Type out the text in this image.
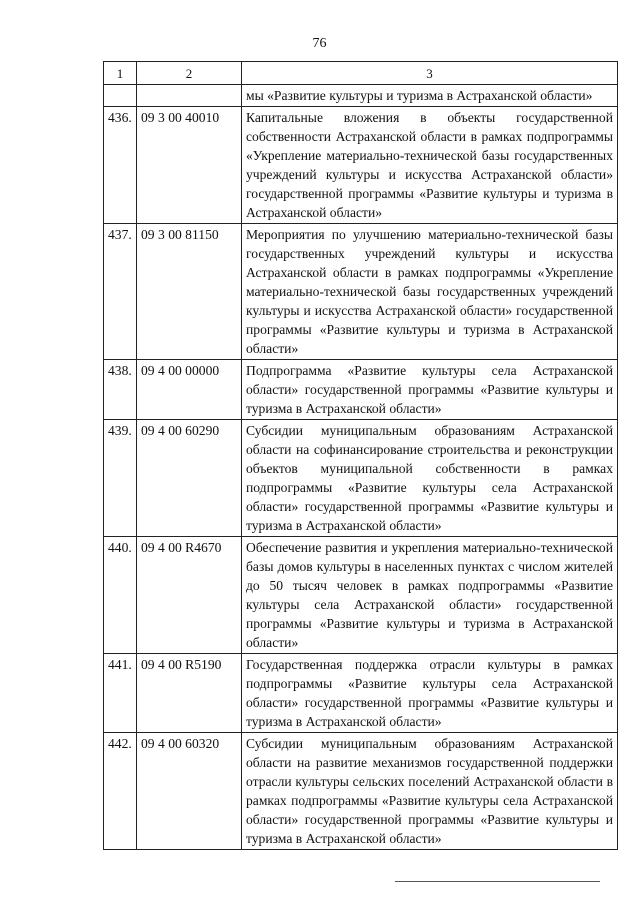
76
1	2	3
		мы «Развитие культуры и туризма в Астраханской области»
436.	09 3 00 40010	Капитальные вложения в объекты государственной собственности Астраханской области в рамках подпрограммы «Укрепление материально-технической базы государственных учреждений культуры и искусства Астраханской области» государственной программы «Развитие культуры и туризма в Астраханской области»
437.	09 3 00 81150	Мероприятия по улучшению материально-технической базы государственных учреждений культуры и искусства Астраханской области в рамках подпрограммы «Укрепление материально-технической базы государственных учреждений культуры и искусства Астраханской области» государственной программы «Развитие культуры и туризма в Астраханской области»
438.	09 4 00 00000	Подпрограмма «Развитие культуры села Астраханской области» государственной программы «Развитие культуры и туризма в Астраханской области»
439.	09 4 00 60290	Субсидии муниципальным образованиям Астраханской области на софинансирование строительства и реконструкции объектов муниципальной собственности в рамках подпрограммы «Развитие культуры села Астраханской области» государственной программы «Развитие культуры и туризма в Астраханской области»
440.	09 4 00 R4670	Обеспечение развития и укрепления материально-технической базы домов культуры в населенных пунктах с числом жителей до 50 тысяч человек в рамках подпрограммы «Развитие культуры села Астраханской области» государственной программы «Развитие культуры и туризма в Астраханской области»
441.	09 4 00 R5190	Государственная поддержка отрасли культуры в рамках подпрограммы «Развитие культуры села Астраханской области» государственной программы «Развитие культуры и туризма в Астраханской области»
442.	09 4 00 60320	Субсидии муниципальным образованиям Астраханской области на развитие механизмов государственной поддержки отрасли культуры сельских поселений Астраханской области в рамках подпрограммы «Развитие культуры села Астраханской области» государственной программы «Развитие культуры и туризма в Астраханской области»
